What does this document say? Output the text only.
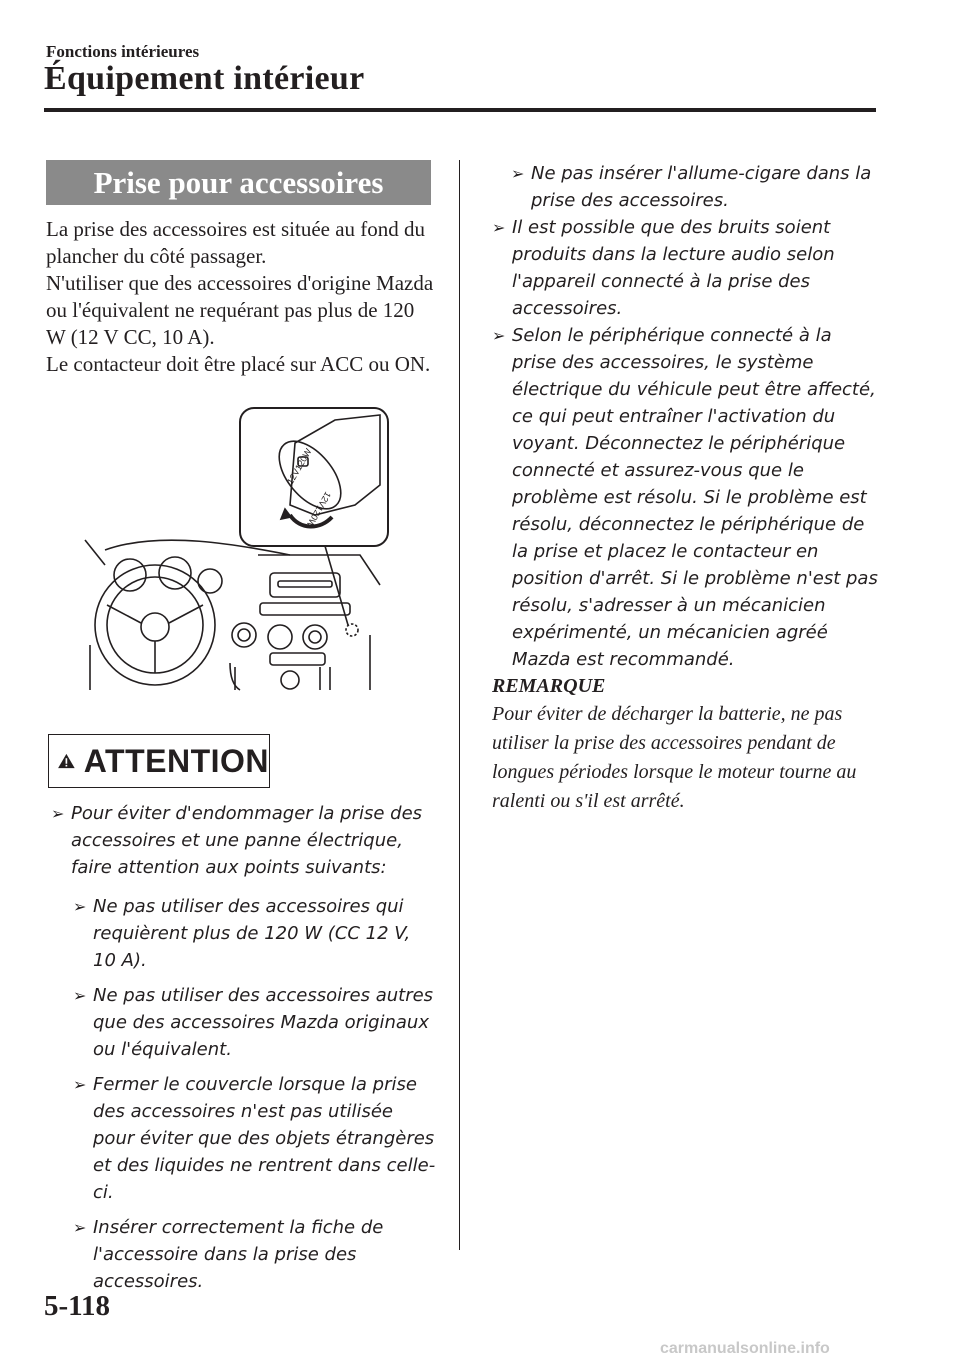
Fonctions intérieures
Équipement intérieur
Prise pour accessoires

La prise des accessoires est située au fond du plancher du côté passager.

N'utiliser que des accessoires d'origine Mazda ou l'équivalent ne requérant pas plus de 120 W (12 V CC, 10 A).

Le contacteur doit être placé sur ACC ou ON.

12V120W
12V120W
ATTENTION
➢ Pour éviter d'endommager la prise des accessoires et une panne électrique, faire attention aux points suivants:
➢ Ne pas utiliser des accessoires qui requièrent plus de 120 W (CC 12 V, 10 A).
➢ Ne pas utiliser des accessoires autres que des accessoires Mazda originaux ou l'équivalent.
➢ Fermer le couvercle lorsque la prise des accessoires n'est pas utilisée pour éviter que des objets étrangères et des liquides ne rentrent dans celle-ci.
➢ Insérer correctement la fiche de l'accessoire dans la prise des accessoires.
➢ Ne pas insérer l'allume-cigare dans la prise des accessoires.
➢ Il est possible que des bruits soient produits dans la lecture audio selon l'appareil connecté à la prise des accessoires.
➢ Selon le périphérique connecté à la prise des accessoires, le système électrique du véhicule peut être affecté, ce qui peut entraîner l'activation du voyant. Déconnectez le périphérique connecté et assurez-vous que le problème est résolu. Si le problème est résolu, déconnectez le périphérique de la prise et placez le contacteur en position d'arrêt. Si le problème n'est pas résolu, s'adresser à un mécanicien expérimenté, un mécanicien agréé Mazda est recommandé.
REMARQUE
Pour éviter de décharger la batterie, ne pas utiliser la prise des accessoires pendant de longues périodes lorsque le moteur tourne au ralenti ou s'il est arrêté.
5-118
carmanualsonline.info
